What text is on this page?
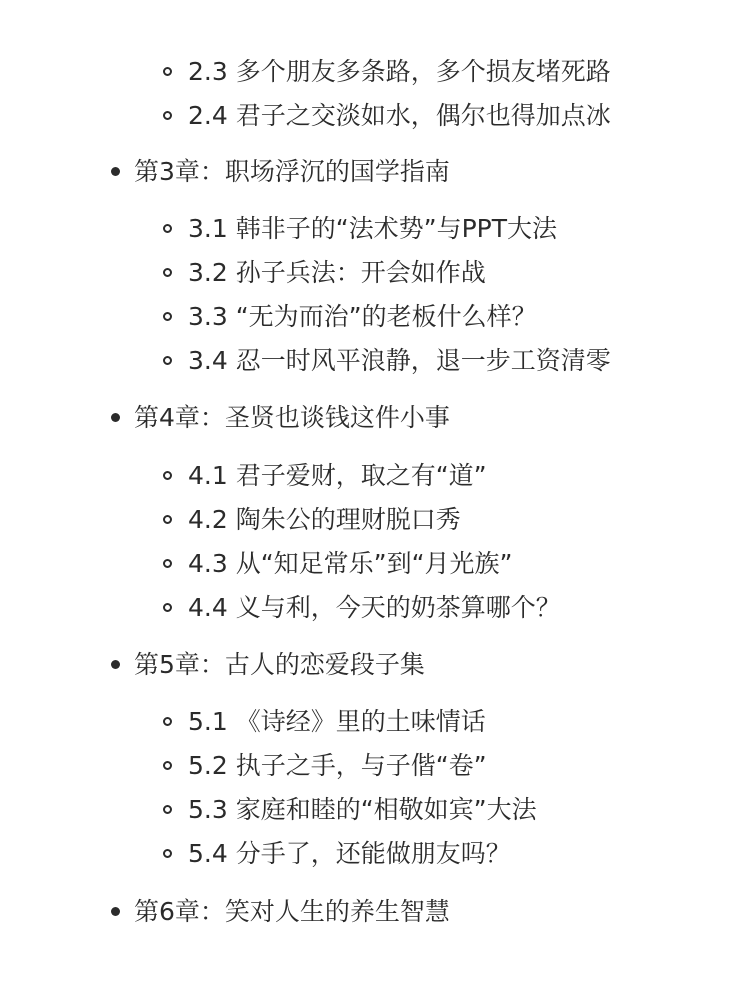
2.3 多个朋友多条路，多个损友堵死路
2.4 君子之交淡如水，偶尔也得加点冰
第3章：职场浮沉的国学指南
3.1 韩非子的“法术势”与PPT大法
3.2 孙子兵法：开会如作战
3.3 “无为而治”的老板什么样？
3.4 忍一时风平浪静，退一步工资清零
第4章：圣贤也谈钱这件小事
4.1 君子爱财，取之有“道”
4.2 陶朱公的理财脱口秀
4.3 从“知足常乐”到“月光族”
4.4 义与利，今天的奶茶算哪个？
第5章：古人的恋爱段子集
5.1 《诗经》里的土味情话
5.2 执子之手，与子偕“卷”
5.3 家庭和睦的“相敬如宾”大法
5.4 分手了，还能做朋友吗？
第6章：笑对人生的养生智慧
